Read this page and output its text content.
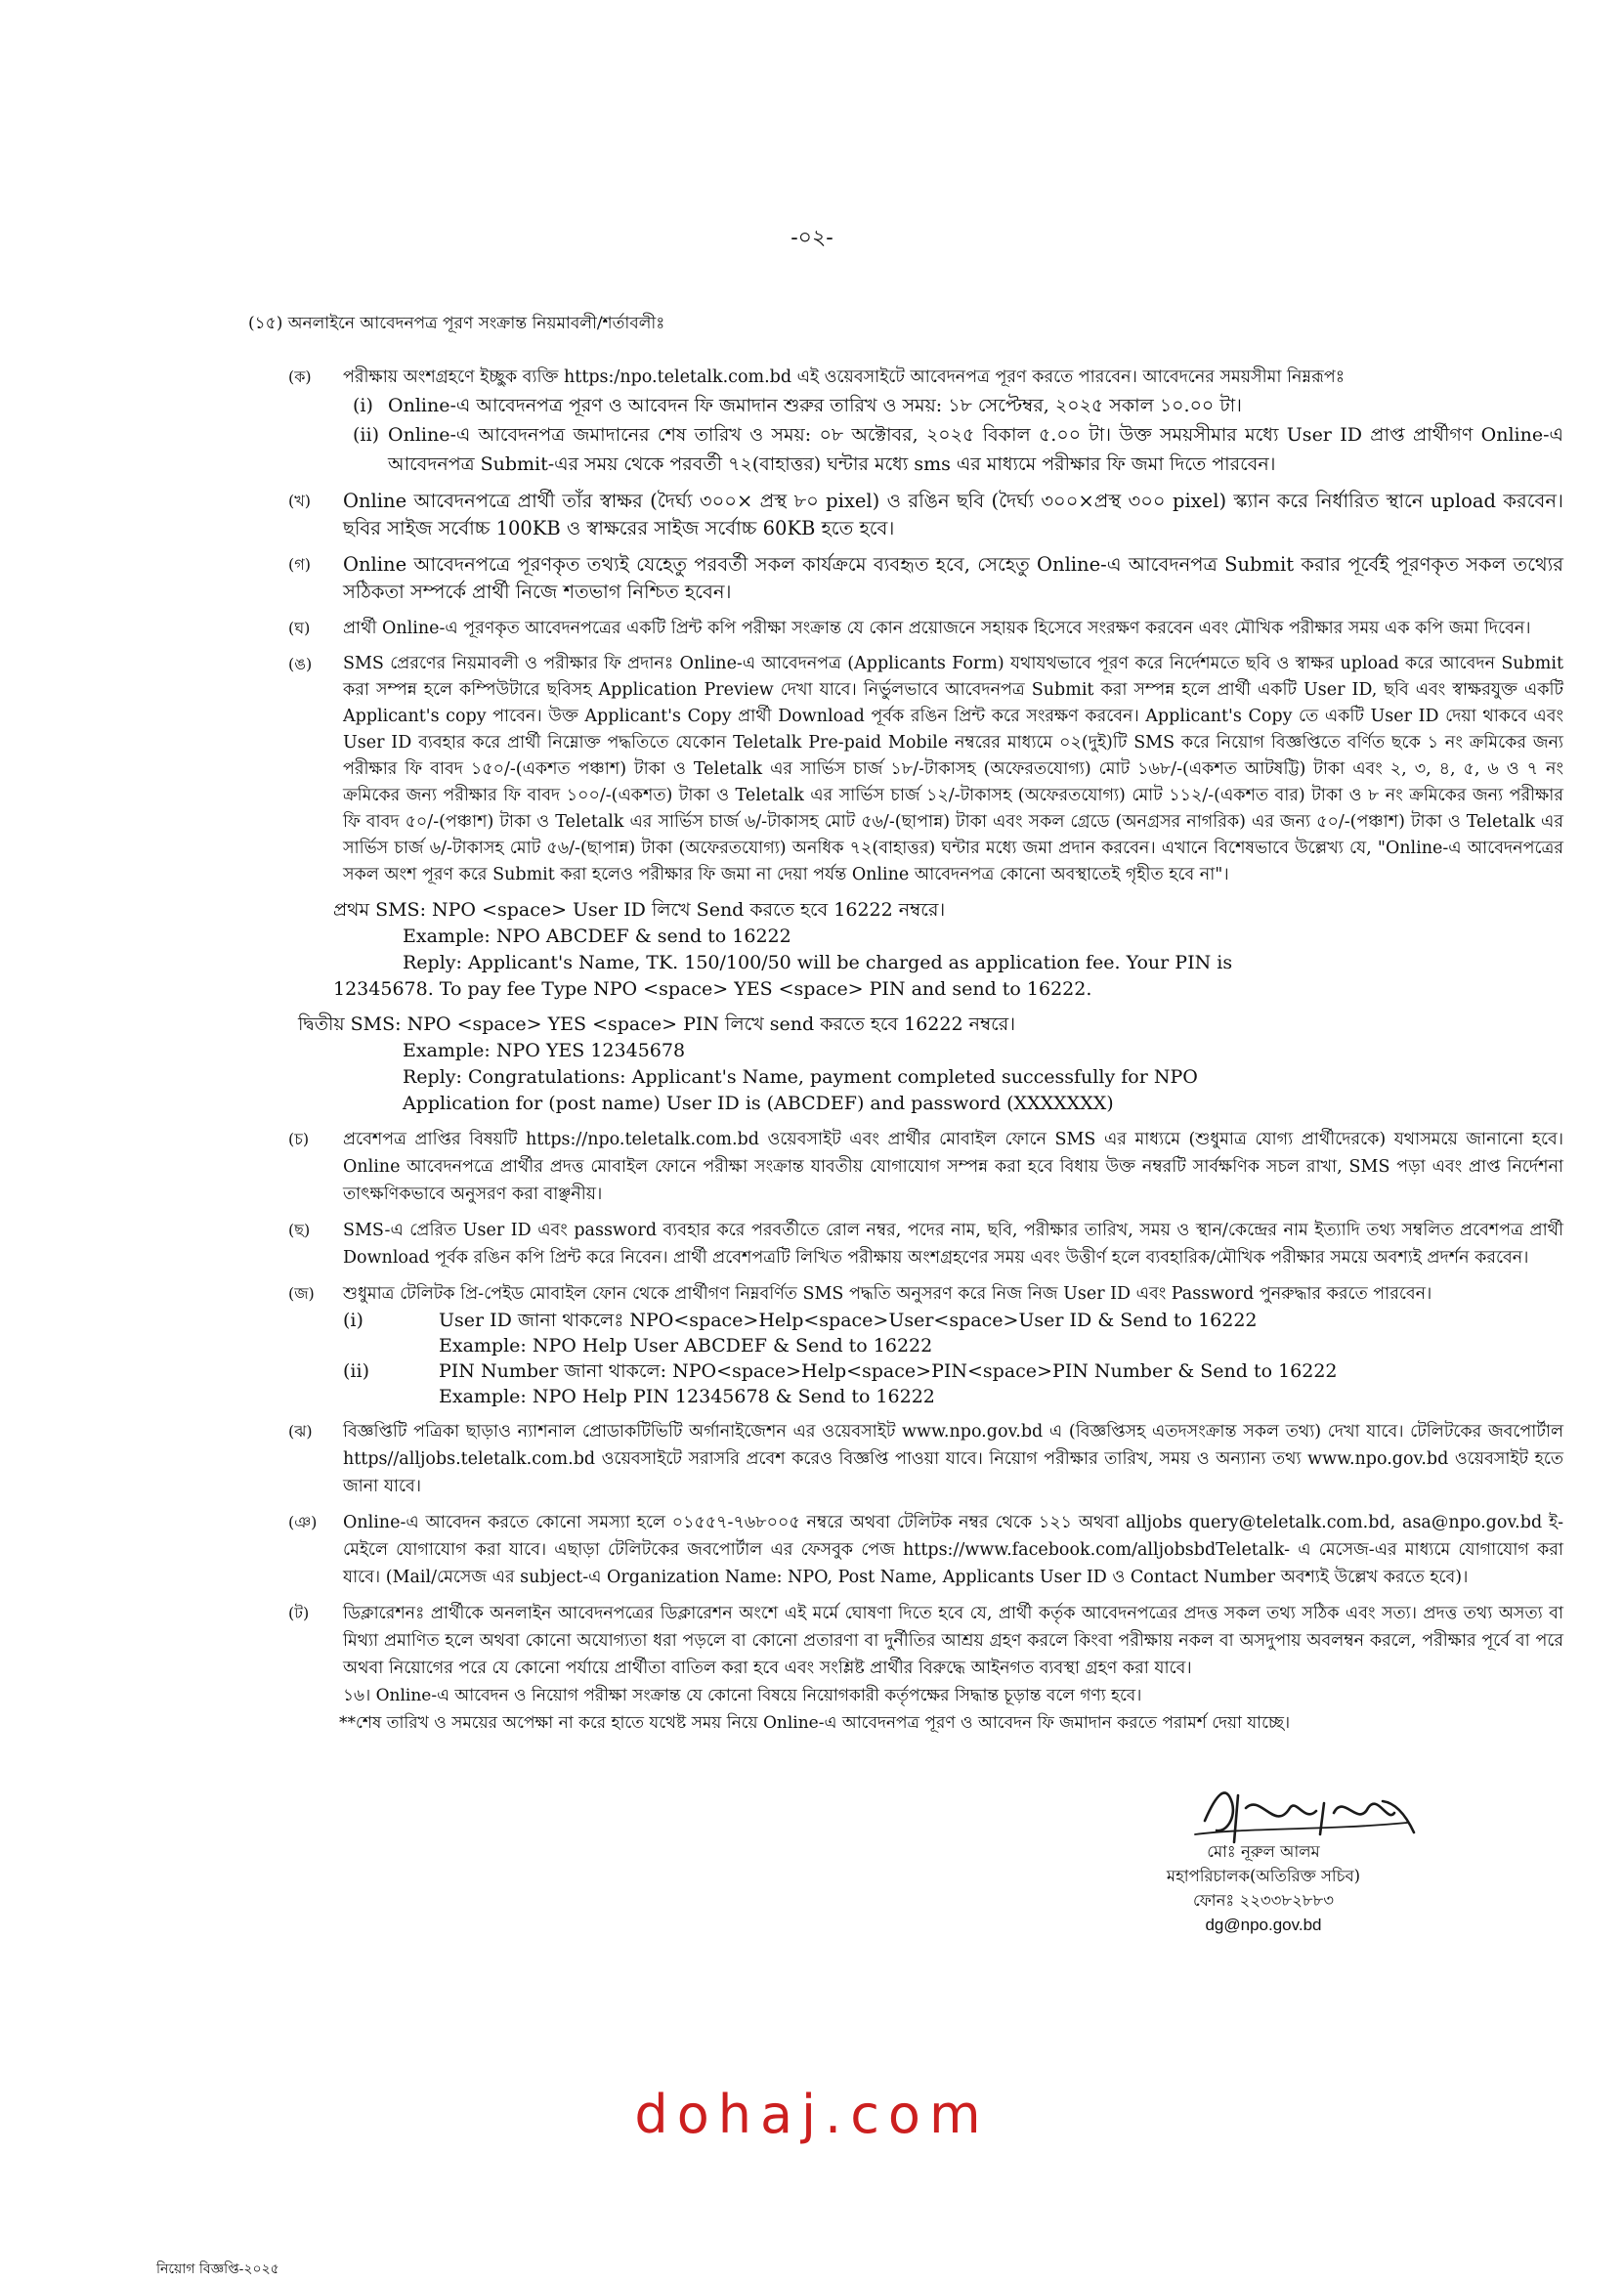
-০২-
(১৫) অনলাইনে আবেদনপত্র পূরণ সংক্রান্ত নিয়মাবলী/শর্তাবলীঃ
(ক) পরীক্ষায় অংশগ্রহণে ইচ্ছুক ব্যক্তি https:/npo.teletalk.com.bd এই ওয়েবসাইটে আবেদনপত্র পূরণ করতে পারবেন। আবেদনের সময়সীমা নিম্নরূপঃ
(i) Online-এ আবেদনপত্র পূরণ ও আবেদন ফি জমাদান শুরুর তারিখ ও সময়: ১৮ সেপ্টেম্বর, ২০২৫ সকাল ১০.০০ টা।
(ii) Online-এ আবেদনপত্র জমাদানের শেষ তারিখ ও সময়: ০৮ অক্টোবর, ২০২৫ বিকাল ৫.০০ টা। উক্ত সময়সীমার মধ্যে User ID প্রাপ্ত প্রার্থীগণ Online-এ আবেদনপত্র Submit-এর সময় থেকে পরবর্তী ৭২(বাহাত্তর) ঘন্টার মধ্যে sms এর মাধ্যমে পরীক্ষার ফি জমা দিতে পারবেন।
(খ) Online আবেদনপত্রে প্রার্থী তাঁর স্বাক্ষর (দৈর্ঘ্য ৩০০× প্রস্থ ৮০ pixel) ও রঙিন ছবি (দৈর্ঘ্য ৩০০×প্রস্থ ৩০০ pixel) স্ক্যান করে নির্ধারিত স্থানে upload করবেন। ছবির সাইজ সর্বোচ্চ 100KB ও স্বাক্ষরের সাইজ সর্বোচ্চ 60KB হতে হবে।
(গ) Online আবেদনপত্রে পূরণকৃত তথ্যই যেহেতু পরবর্তী সকল কার্যক্রমে ব্যবহৃত হবে, সেহেতু Online-এ আবেদনপত্র Submit করার পূর্বেই পূরণকৃত সকল তথ্যের সঠিকতা সম্পর্কে প্রার্থী নিজে শতভাগ নিশ্চিত হবেন।
(ঘ) প্রার্থী Online-এ পূরণকৃত আবেদনপত্রের একটি প্রিন্ট কপি পরীক্ষা সংক্রান্ত যে কোন প্রয়োজনে সহায়ক হিসেবে সংরক্ষণ করবেন এবং মৌখিক পরীক্ষার সময় এক কপি জমা দিবেন।
(ঙ) SMS প্রেরণের নিয়মাবলী ও পরীক্ষার ফি প্রদানঃ Online-এ আবেদনপত্র (Applicants Form) যথাযথভাবে পূরণ করে নির্দেশমতে ছবি ও স্বাক্ষর upload করে আবেদন Submit করা সম্পন্ন হলে কম্পিউটারে ছবিসহ Application Preview দেখা যাবে। নির্ভুলভাবে আবেদনপত্র Submit করা সম্পন্ন হলে প্রার্থী একটি User ID, ছবি এবং স্বাক্ষরযুক্ত একটি Applicant's copy পাবেন। উক্ত Applicant's Copy প্রার্থী Download পূর্বক রঙিন প্রিন্ট করে সংরক্ষণ করবেন। Applicant's Copy তে একটি User ID দেয়া থাকবে এবং User ID ব্যবহার করে প্রার্থী নিম্নোক্ত পদ্ধতিতে যেকোন Teletalk Pre-paid Mobile নম্বরের মাধ্যমে ০২(দুই)টি SMS করে নিয়োগ বিজ্ঞপ্তিতে বর্ণিত ছকে ১ নং ক্রমিকের জন্য পরীক্ষার ফি বাবদ ১৫০/-(একশত পঞ্চাশ) টাকা ও Teletalk এর সার্ভিস চার্জ ১৮/-টাকাসহ (অফেরতযোগ্য) মোট ১৬৮/-(একশত আটষট্টি) টাকা এবং ২, ৩, ৪, ৫, ৬ ও ৭ নং ক্রমিকের জন্য পরীক্ষার ফি বাবদ ১০০/-(একশত) টাকা ও Teletalk এর সার্ভিস চার্জ ১২/-টাকাসহ (অফেরতযোগ্য) মোট ১১২/-(একশত বার) টাকা ও ৮ নং ক্রমিকের জন্য পরীক্ষার ফি বাবদ ৫০/-(পঞ্চাশ) টাকা ও Teletalk এর সার্ভিস চার্জ ৬/-টাকাসহ মোট ৫৬/-(ছাপান্ন) টাকা এবং সকল গ্রেডে (অনগ্রসর নাগরিক) এর জন্য ৫০/-(পঞ্চাশ) টাকা ও Teletalk এর সার্ভিস চার্জ ৬/-টাকাসহ মোট ৫৬/-(ছাপান্ন) টাকা (অফেরতযোগ্য) অনধিক ৭২(বাহাত্তর) ঘন্টার মধ্যে জমা প্রদান করবেন। এখানে বিশেষভাবে উল্লেখ্য যে, "Online-এ আবেদনপত্রের সকল অংশ পূরণ করে Submit করা হলেও পরীক্ষার ফি জমা না দেয়া পর্যন্ত Online আবেদনপত্র কোনো অবস্থাতেই গৃহীত হবে না"।
প্রথম SMS: NPO <space> User ID লিখে Send করতে হবে 16222 নম্বরে।
Example: NPO ABCDEF & send to 16222
Reply: Applicant's Name, TK. 150/100/50 will be charged as application fee. Your PIN is
12345678. To pay fee Type NPO <space> YES <space> PIN and send to 16222.
দ্বিতীয় SMS: NPO <space> YES <space> PIN লিখে send করতে হবে 16222 নম্বরে।
Example: NPO YES 12345678
Reply: Congratulations: Applicant's Name, payment completed successfully for NPO
Application for (post name) User ID is (ABCDEF) and password (XXXXXXX)
(চ) প্রবেশপত্র প্রাপ্তির বিষয়টি https://npo.teletalk.com.bd ওয়েবসাইট এবং প্রার্থীর মোবাইল ফোনে SMS এর মাধ্যমে (শুধুমাত্র যোগ্য প্রার্থীদেরকে) যথাসময়ে জানানো হবে। Online আবেদনপত্রে প্রার্থীর প্রদত্ত মোবাইল ফোনে পরীক্ষা সংক্রান্ত যাবতীয় যোগাযোগ সম্পন্ন করা হবে বিধায় উক্ত নম্বরটি সার্বক্ষণিক সচল রাখা, SMS পড়া এবং প্রাপ্ত নির্দেশনা তাৎক্ষণিকভাবে অনুসরণ করা বাঞ্ছনীয়।
(ছ) SMS-এ প্রেরিত User ID এবং password ব্যবহার করে পরবর্তীতে রোল নম্বর, পদের নাম, ছবি, পরীক্ষার তারিখ, সময় ও স্থান/কেন্দ্রের নাম ইত্যাদি তথ্য সম্বলিত প্রবেশপত্র প্রার্থী Download পূর্বক রঙিন কপি প্রিন্ট করে নিবেন। প্রার্থী প্রবেশপত্রটি লিখিত পরীক্ষায় অংশগ্রহণের সময় এবং উত্তীর্ণ হলে ব্যবহারিক/মৌখিক পরীক্ষার সময়ে অবশ্যই প্রদর্শন করবেন।
(জ) শুধুমাত্র টেলিটক প্রি-পেইড মোবাইল ফোন থেকে প্রার্থীগণ নিম্নবর্ণিত SMS পদ্ধতি অনুসরণ করে নিজ নিজ User ID এবং Password পুনরুদ্ধার করতে পারবেন।
(i)	User ID জানা থাকলেঃ NPO<space>Help<space>User<space>User ID & Send to 16222
Example: NPO Help User ABCDEF & Send to 16222
(ii)	PIN Number জানা থাকলে: NPO<space>Help<space>PIN<space>PIN Number & Send to 16222
Example: NPO Help PIN 12345678 & Send to 16222
(ঝ) বিজ্ঞপ্তিটি পত্রিকা ছাড়াও ন্যাশনাল প্রোডাকটিভিটি অর্গানাইজেশন এর ওয়েবসাইট www.npo.gov.bd এ (বিজ্ঞপ্তিসহ এতদসংক্রান্ত সকল তথ্য) দেখা যাবে। টেলিটকের জবপোর্টাল https//alljobs.teletalk.com.bd ওয়েবসাইটে সরাসরি প্রবেশ করেও বিজ্ঞপ্তি পাওয়া যাবে। নিয়োগ পরীক্ষার তারিখ, সময় ও অন্যান্য তথ্য www.npo.gov.bd ওয়েবসাইট হতে জানা যাবে।
(ঞ) Online-এ আবেদন করতে কোনো সমস্যা হলে ০১৫৫৭-৭৬৮০০৫ নম্বরে অথবা টেলিটক নম্বর থেকে ১২১ অথবা alljobs query@teletalk.com.bd, asa@npo.gov.bd ই-মেইলে যোগাযোগ করা যাবে। এছাড়া টেলিটকের জবপোর্টাল এর ফেসবুক পেজ https://www.facebook.com/alljobsbdTeletalk- এ মেসেজ-এর মাধ্যমে যোগাযোগ করা যাবে। (Mail/মেসেজ এর subject-এ Organization Name: NPO, Post Name, Applicants User ID ও Contact Number অবশ্যই উল্লেখ করতে হবে)।
(ট) ডিক্লারেশনঃ প্রার্থীকে অনলাইন আবেদনপত্রের ডিক্লারেশন অংশে এই মর্মে ঘোষণা দিতে হবে যে, প্রার্থী কর্তৃক আবেদনপত্রের প্রদত্ত সকল তথ্য সঠিক এবং সত্য। প্রদত্ত তথ্য অসত্য বা মিথ্যা প্রমাণিত হলে অথবা কোনো অযোগ্যতা ধরা পড়লে বা কোনো প্রতারণা বা দুর্নীতির আশ্রয় গ্রহণ করলে কিংবা পরীক্ষায় নকল বা অসদুপায় অবলম্বন করলে, পরীক্ষার পূর্বে বা পরে অথবা নিয়োগের পরে যে কোনো পর্যায়ে প্রার্থীতা বাতিল করা হবে এবং সংশ্লিষ্ট প্রার্থীর বিরুদ্ধে আইনগত ব্যবস্থা গ্রহণ করা যাবে।
১৬। Online-এ আবেদন ও নিয়োগ পরীক্ষা সংক্রান্ত যে কোনো বিষয়ে নিয়োগকারী কর্তৃপক্ষের সিদ্ধান্ত চূড়ান্ত বলে গণ্য হবে।
**শেষ তারিখ ও সময়ের অপেক্ষা না করে হাতে যথেষ্ট সময় নিয়ে Online-এ আবেদনপত্র পূরণ ও আবেদন ফি জমাদান করতে পরামর্শ দেয়া যাচ্ছে।
মোঃ নূরুল আলম
মহাপরিচালক(অতিরিক্ত সচিব)
ফোনঃ ২২৩৩৮২৮৮৩
dg@npo.gov.bd
dohaj.com
নিয়োগ বিজ্ঞপ্তি-২০২৫
